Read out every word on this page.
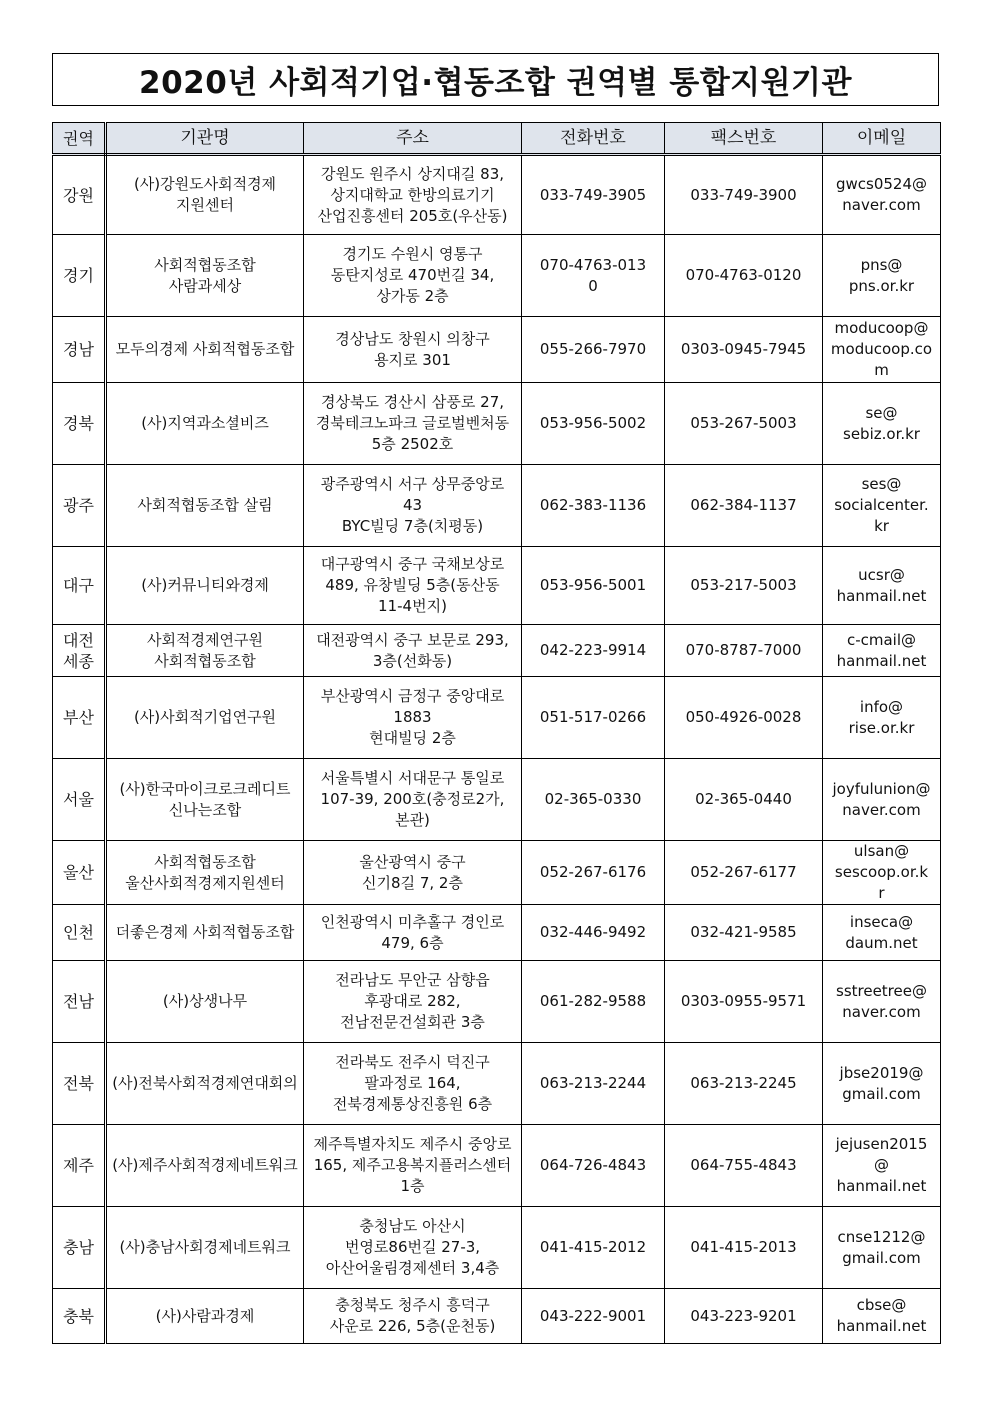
2020년 사회적기업·협동조합 권역별 통합지원기관
권역	기관명	주소	전화번호	팩스번호	이메일
강원	(사)강원도사회적경제
지원센터	강원도 원주시 상지대길 83,
상지대학교 한방의료기기
산업진흥센터 205호(우산동)	033-749-3905	033-749-3900	gwcs0524@
naver.com
경기	사회적협동조합
사람과세상	경기도 수원시 영통구
동탄지성로 470번길 34,
상가동 2층	070-4763-013
0	070-4763-0120	pns@
pns.or.kr
경남	모두의경제 사회적협동조합	경상남도 창원시 의창구
용지로 301	055-266-7970	0303-0945-7945	moducoop@
moducoop.co
m
경북	(사)지역과소셜비즈	경상북도 경산시 삼풍로 27,
경북테크노파크 글로벌벤처동
5층 2502호	053-956-5002	053-267-5003	se@
sebiz.or.kr
광주	사회적협동조합 살림	광주광역시 서구 상무중앙로
43
BYC빌딩 7층(치평동)	062-383-1136	062-384-1137	ses@
socialcenter.
kr
대구	(사)커뮤니티와경제	대구광역시 중구 국채보상로
489, 유창빌딩 5층(동산동
11-4번지)	053-956-5001	053-217-5003	ucsr@
hanmail.net
대전
세종	사회적경제연구원
사회적협동조합	대전광역시 중구 보문로 293,
3층(선화동)	042-223-9914	070-8787-7000	c-cmail@
hanmail.net
부산	(사)사회적기업연구원	부산광역시 금정구 중앙대로
1883
현대빌딩 2층	051-517-0266	050-4926-0028	info@
rise.or.kr
서울	(사)한국마이크로크레디트
신나는조합	서울특별시 서대문구 통일로
107-39, 200호(충정로2가,
본관)	02-365-0330	02-365-0440	joyfulunion@
naver.com
울산	사회적협동조합
울산사회적경제지원센터	울산광역시 중구
신기8길 7, 2층	052-267-6176	052-267-6177	ulsan@
sescoop.or.k
r
인천	더좋은경제 사회적협동조합	인천광역시 미추홀구 경인로
479, 6층	032-446-9492	032-421-9585	inseca@
daum.net
전남	(사)상생나무	전라남도 무안군 삼향읍
후광대로 282,
전남전문건설회관 3층	061-282-9588	0303-0955-9571	sstreetree@
naver.com
전북	(사)전북사회적경제연대회의	전라북도 전주시 덕진구
팔과정로 164,
전북경제통상진흥원 6층	063-213-2244	063-213-2245	jbse2019@
gmail.com
제주	(사)제주사회적경제네트워크	제주특별자치도 제주시 중앙로
165, 제주고용복지플러스센터
1층	064-726-4843	064-755-4843	jejusen2015
@
hanmail.net
충남	(사)충남사회경제네트워크	충청남도 아산시
번영로86번길 27-3,
아산어울림경제센터 3,4층	041-415-2012	041-415-2013	cnse1212@
gmail.com
충북	(사)사람과경제	충청북도 청주시 흥덕구
사운로 226, 5층(운천동)	043-222-9001	043-223-9201	cbse@
hanmail.net
